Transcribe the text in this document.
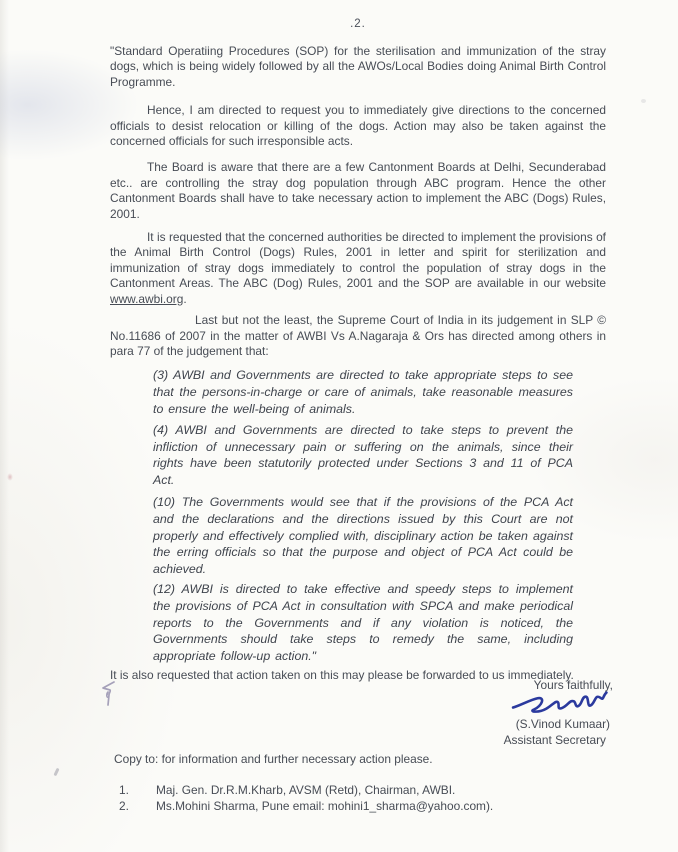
.2.

"Standard Operatiing Procedures (SOP) for the sterilisation and immunization of the stray dogs, which is being widely followed by all the AWOs/Local Bodies doing Animal Birth Control Programme.

Hence, I am directed to request you to immediately give directions to the concerned officials to desist relocation or killing of the dogs. Action may also be taken against the concerned officials for such irresponsible acts.

The Board is aware that there are a few Cantonment Boards at Delhi, Secunderabad etc.. are controlling the stray dog population through ABC program. Hence the other Cantonment Boards shall have to take necessary action to implement the ABC (Dogs) Rules, 2001.

It is requested that the concerned authorities be directed to implement the provisions of the Animal Birth Control (Dogs) Rules, 2001 in letter and spirit for sterilization and immunization of stray dogs immediately to control the population of stray dogs in the Cantonment Areas. The ABC (Dog) Rules, 2001 and the SOP are available in our website www.awbi.org.

Last but not the least, the Supreme Court of India in its judgement in SLP © No.11686 of 2007 in the matter of AWBI Vs A.Nagaraja & Ors has directed among others in para 77 of the judgement that:

(3) AWBI and Governments are directed to take appropriate steps to see that the persons-in-charge or care of animals, take reasonable measures to ensure the well-being of animals.

(4) AWBI and Governments are directed to take steps to prevent the infliction of unnecessary pain or suffering on the animals, since their rights have been statutorily protected under Sections 3 and 11 of PCA Act.

(10) The Governments would see that if the provisions of the PCA Act and the declarations and the directions issued by this Court are not properly and effectively complied with, disciplinary action be taken against the erring officials so that the purpose and object of PCA Act could be achieved.

(12) AWBI is directed to take effective and speedy steps to implement the provisions of PCA Act in consultation with SPCA and make periodical reports to the Governments and if any violation is noticed, the Governments should take steps to remedy the same, including appropriate follow-up action."

It is also requested that action taken on this may please be forwarded to us immediately.

Yours faithfully,
(S.Vinod Kumaar)
Assistant Secretary
Copy to: for information and further necessary action please.
1. Maj. Gen. Dr.R.M.Kharb, AVSM (Retd), Chairman, AWBI.
2. Ms.Mohini Sharma, Pune email: mohini1_sharma@yahoo.com).
